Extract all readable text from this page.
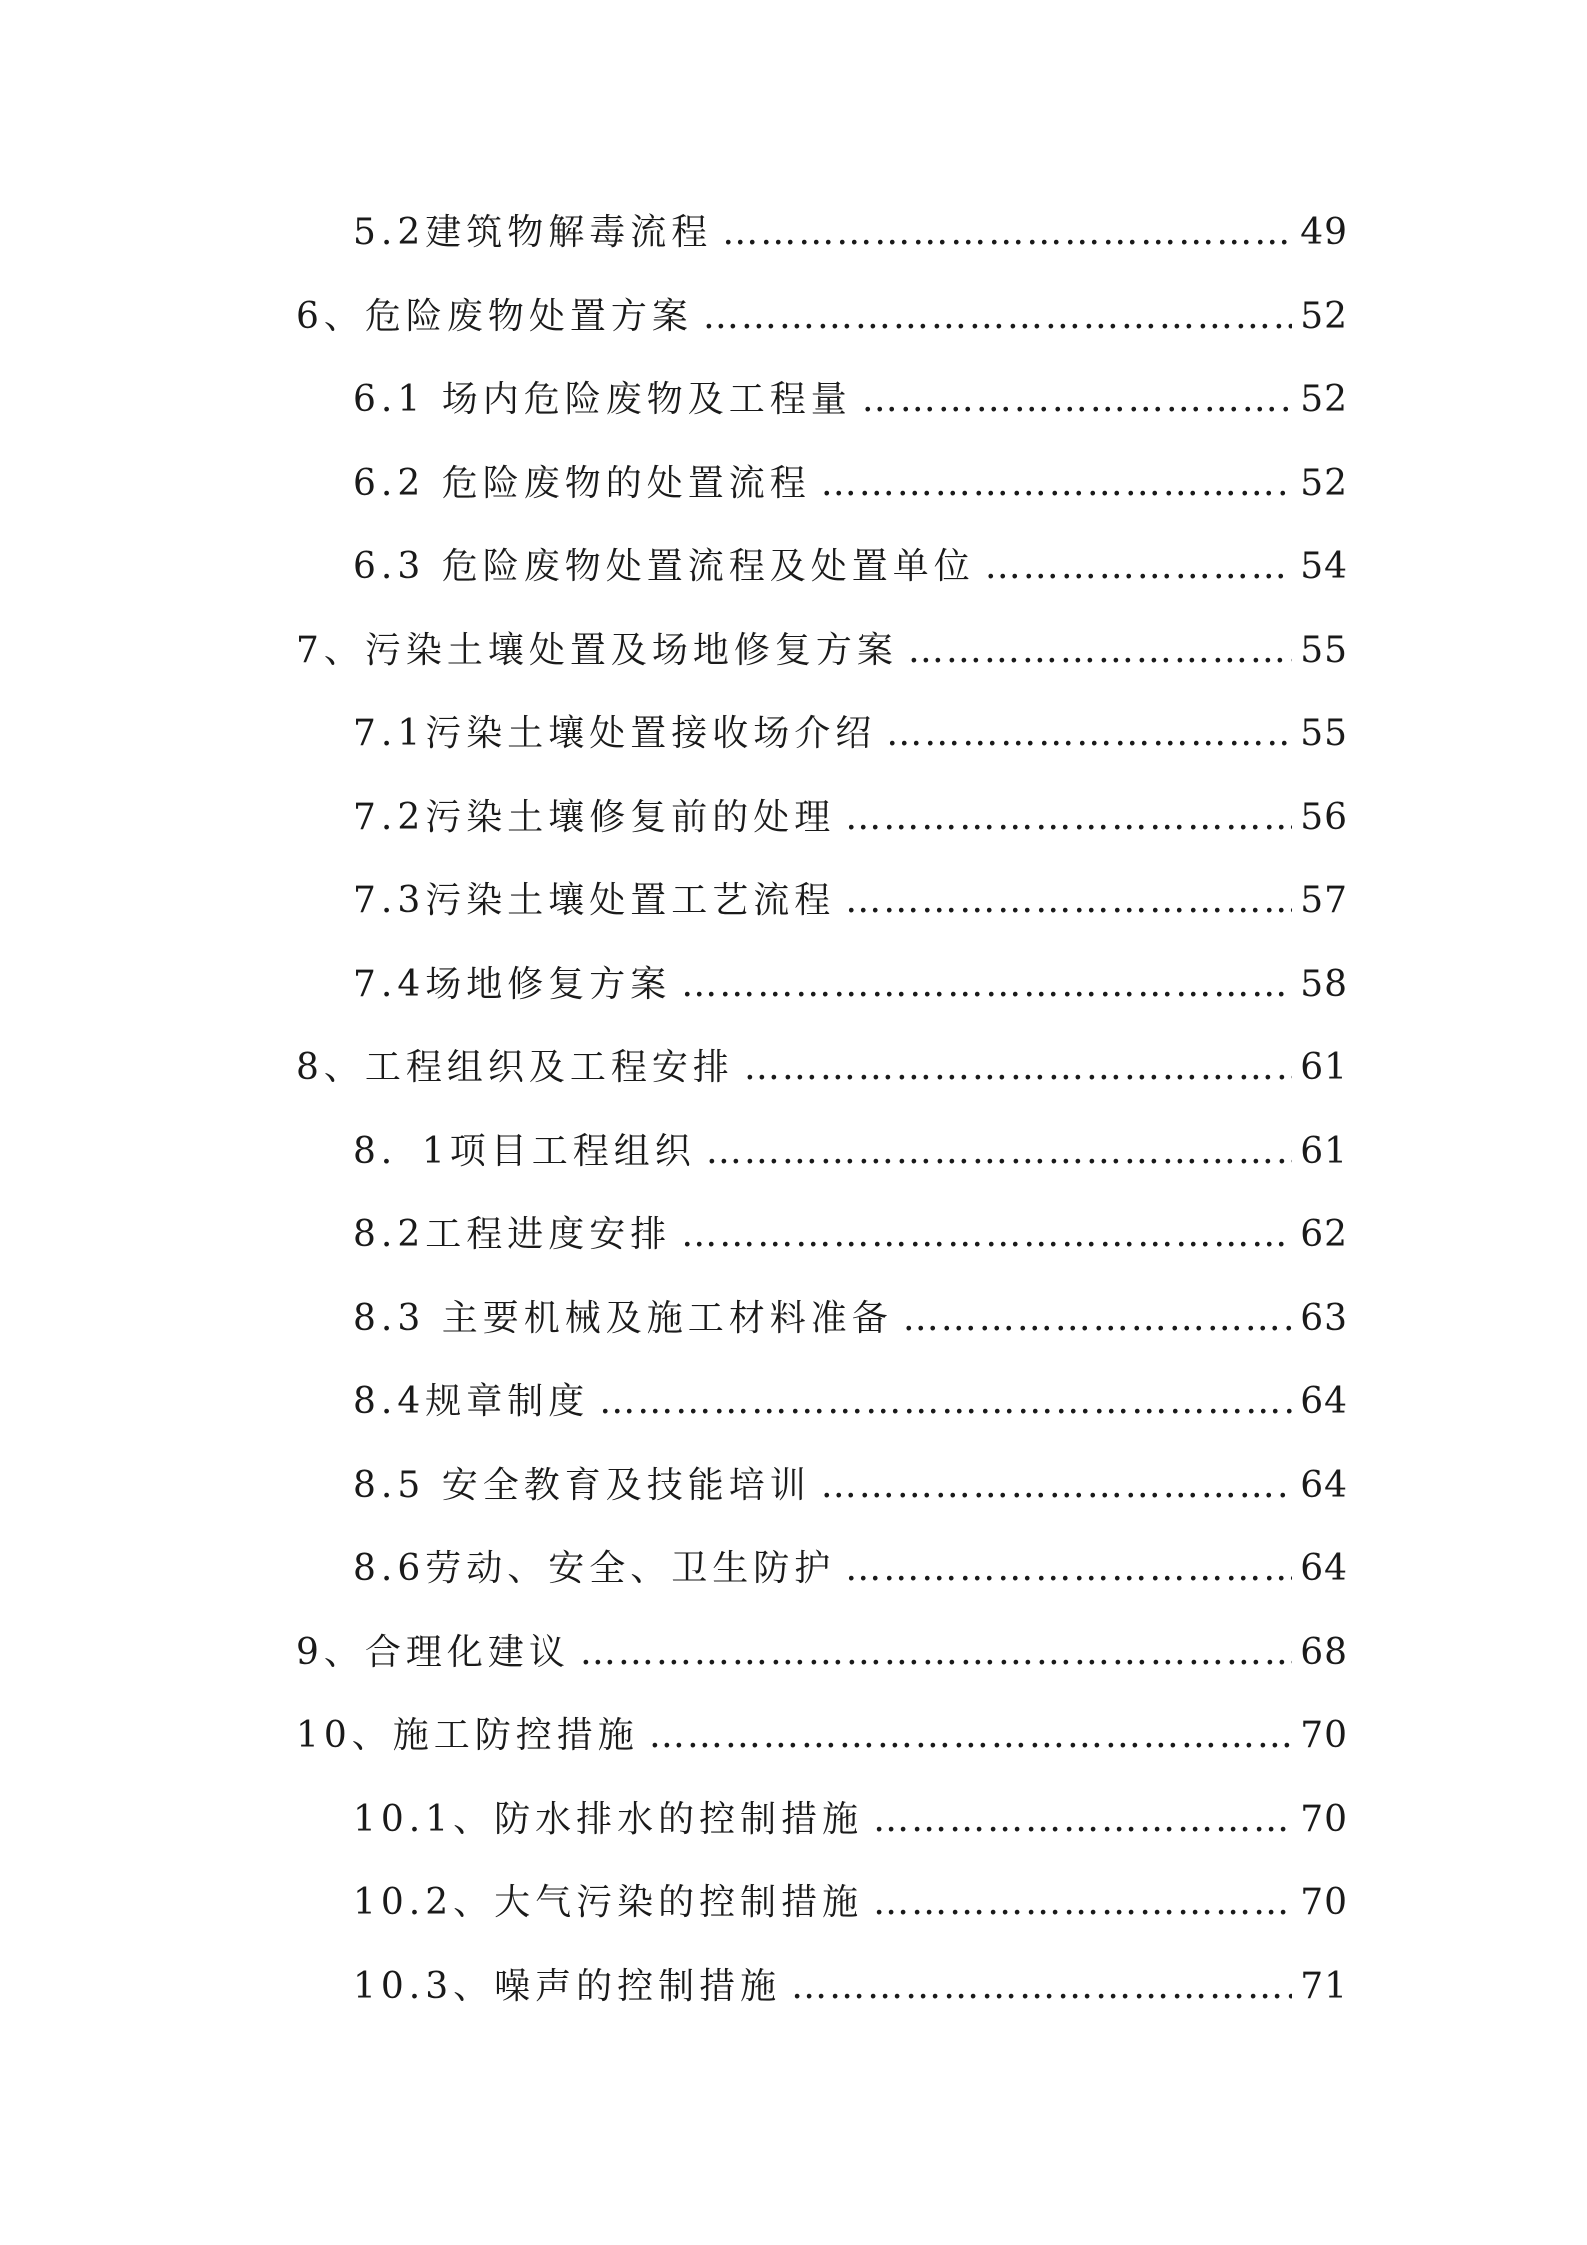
5.2建筑物解毒流程 ……………………………………………………………………………………………………………………………………………………………………………………………………	49
6、危险废物处置方案 ……………………………………………………………………………………………………………………………………………………………………………………………………	52
6.1 场内危险废物及工程量 ……………………………………………………………………………………………………………………………………………………………………………………………………	52
6.2 危险废物的处置流程 ……………………………………………………………………………………………………………………………………………………………………………………………………	52
6.3 危险废物处置流程及处置单位 ……………………………………………………………………………………………………………………………………………………………………………………………………	54
7、污染土壤处置及场地修复方案 ……………………………………………………………………………………………………………………………………………………………………………………………………	55
7.1污染土壤处置接收场介绍 ……………………………………………………………………………………………………………………………………………………………………………………………………	55
7.2污染土壤修复前的处理 ……………………………………………………………………………………………………………………………………………………………………………………………………	56
7.3污染土壤处置工艺流程 ……………………………………………………………………………………………………………………………………………………………………………………………………	57
7.4场地修复方案 ……………………………………………………………………………………………………………………………………………………………………………………………………	58
8、工程组织及工程安排 ……………………………………………………………………………………………………………………………………………………………………………………………………	61
8．1项目工程组织 ……………………………………………………………………………………………………………………………………………………………………………………………………	61
8.2工程进度安排 ……………………………………………………………………………………………………………………………………………………………………………………………………	62
8.3 主要机械及施工材料准备 ……………………………………………………………………………………………………………………………………………………………………………………………………	63
8.4规章制度 ……………………………………………………………………………………………………………………………………………………………………………………………………	64
8.5 安全教育及技能培训 ……………………………………………………………………………………………………………………………………………………………………………………………………	64
8.6劳动、安全、卫生防护 ……………………………………………………………………………………………………………………………………………………………………………………………………	64
9、合理化建议 ……………………………………………………………………………………………………………………………………………………………………………………………………	68
10、施工防控措施 ……………………………………………………………………………………………………………………………………………………………………………………………………	70
10.1、防水排水的控制措施 ……………………………………………………………………………………………………………………………………………………………………………………………………	70
10.2、大气污染的控制措施 ……………………………………………………………………………………………………………………………………………………………………………………………………	70
10.3、噪声的控制措施 ……………………………………………………………………………………………………………………………………………………………………………………………………	71
